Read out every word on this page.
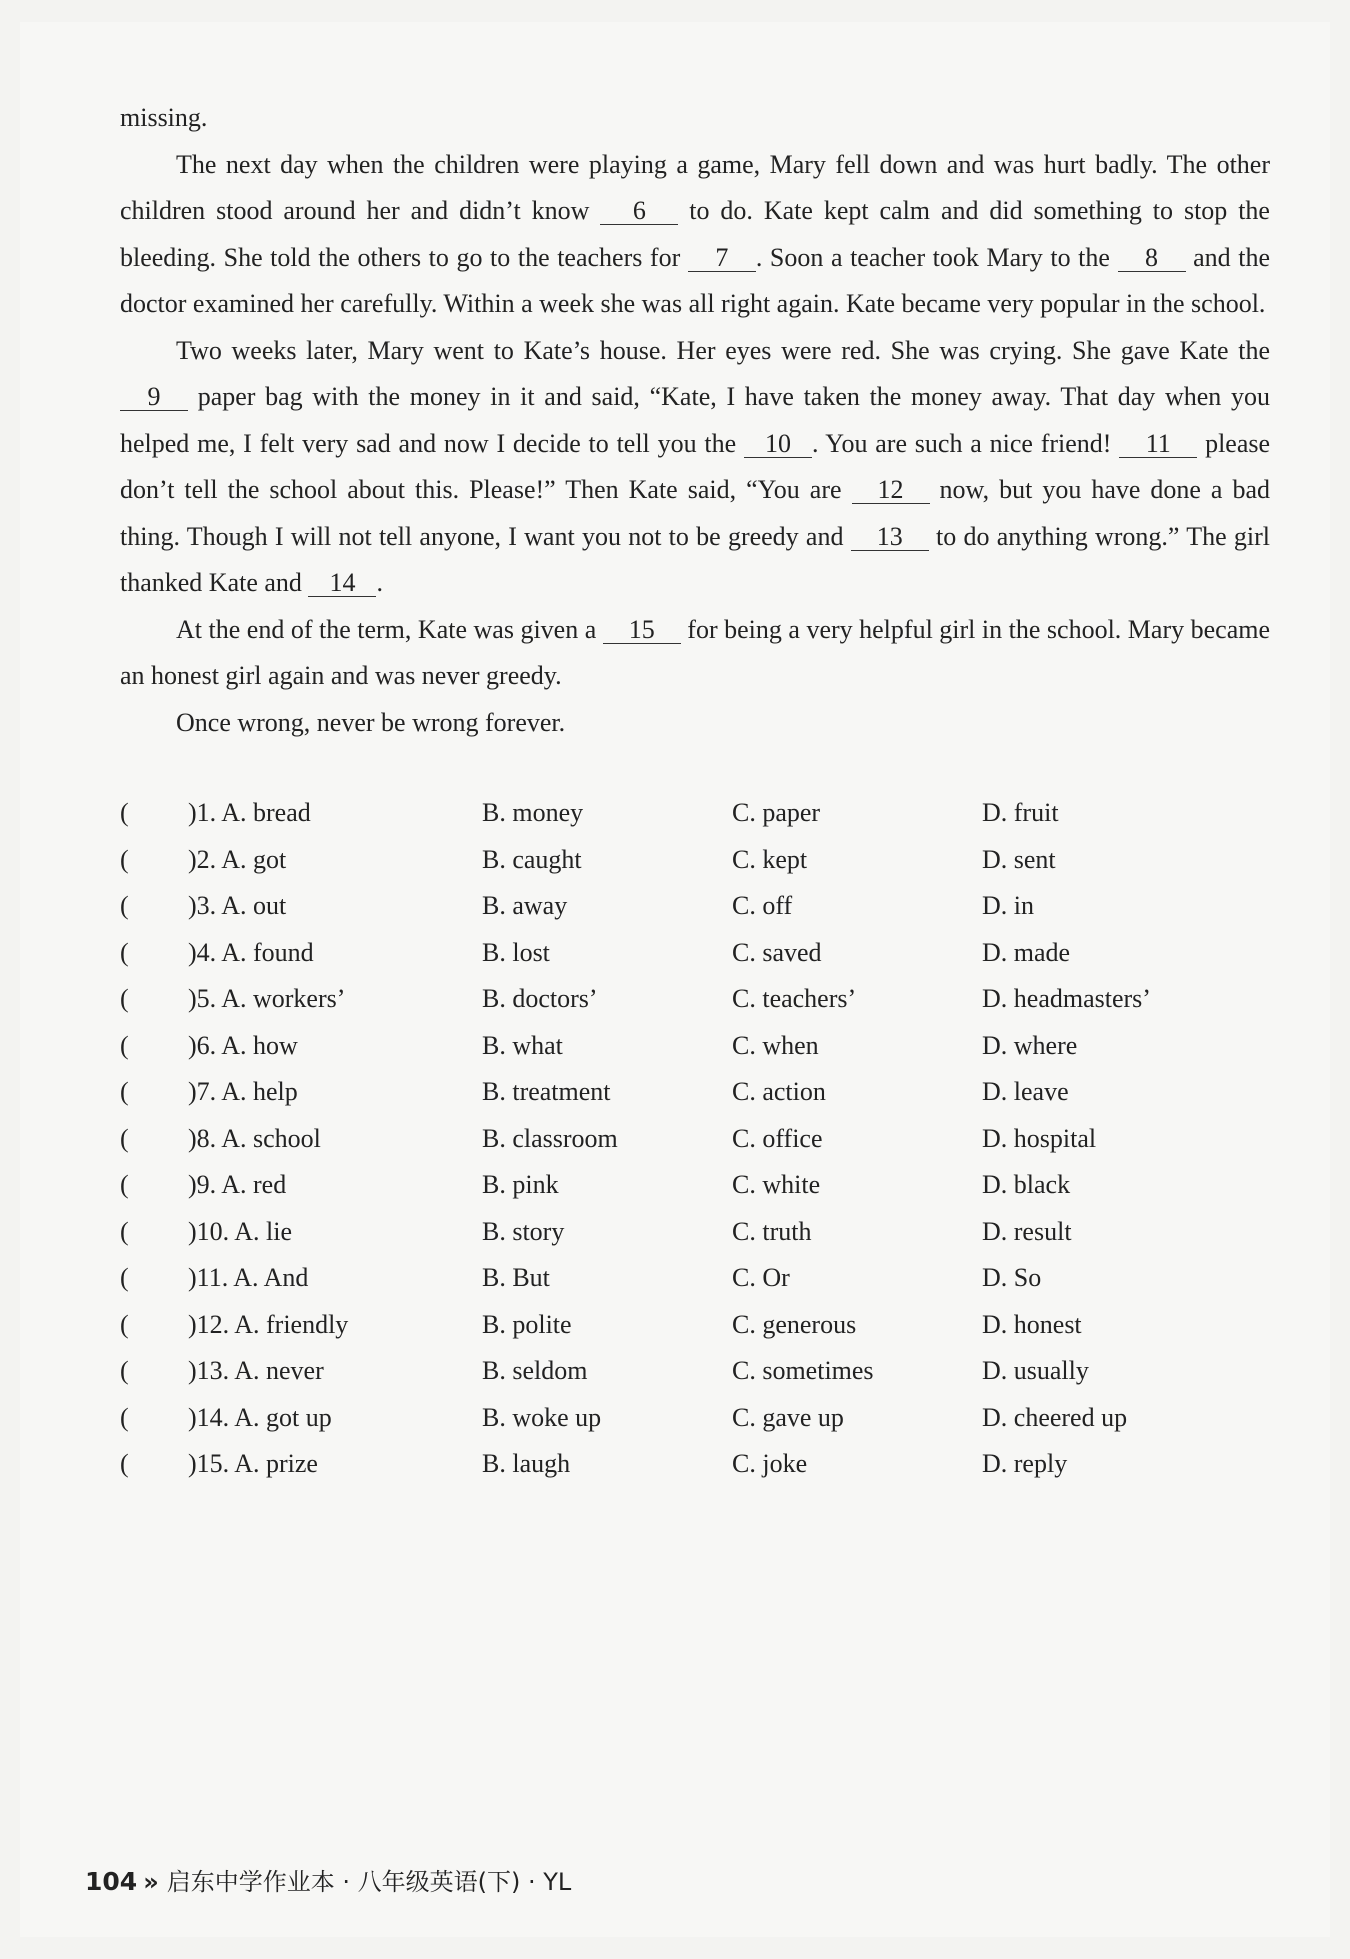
missing.

The next day when the children were playing a game, Mary fell down and was hurt badly. The other children stood around her and didn’t know 6 to do. Kate kept calm and did something to stop the bleeding. She told the others to go to the teachers for 7 . Soon a teacher took Mary to the 8 and the doctor examined her carefully. Within a week she was all right again. Kate became very popular in the school.

Two weeks later, Mary went to Kate’s house. Her eyes were red. She was crying. She gave Kate the 9 paper bag with the money in it and said, “Kate, I have taken the money away. That day when you helped me, I felt very sad and now I decide to tell you the 10 . You are such a nice friend! 11 please don’t tell the school about this. Please!” Then Kate said, “You are 12 now, but you have done a bad thing. Though I will not tell anyone, I want you not to be greedy and 13 to do anything wrong.” The girl thanked Kate and 14 .

At the end of the term, Kate was given a 15 for being a very helpful girl in the school. Mary became an honest girl again and was never greedy.

Once wrong, never be wrong forever.

( )1. A. bread	B. money	C. paper	D. fruit
( )2. A. got	B. caught	C. kept	D. sent
( )3. A. out	B. away	C. off	D. in
( )4. A. found	B. lost	C. saved	D. made
( )5. A. workers’	B. doctors’	C. teachers’	D. headmasters’
( )6. A. how	B. what	C. when	D. where
( )7. A. help	B. treatment	C. action	D. leave
( )8. A. school	B. classroom	C. office	D. hospital
( )9. A. red	B. pink	C. white	D. black
( )10. A. lie	B. story	C. truth	D. result
( )11. A. And	B. But	C. Or	D. So
( )12. A. friendly	B. polite	C. generous	D. honest
( )13. A. never	B. seldom	C. sometimes	D. usually
( )14. A. got up	B. woke up	C. gave up	D. cheered up
( )15. A. prize	B. laugh	C. joke	D. reply
104 » 启东中学作业本 · 八年级英语(下) · YL
